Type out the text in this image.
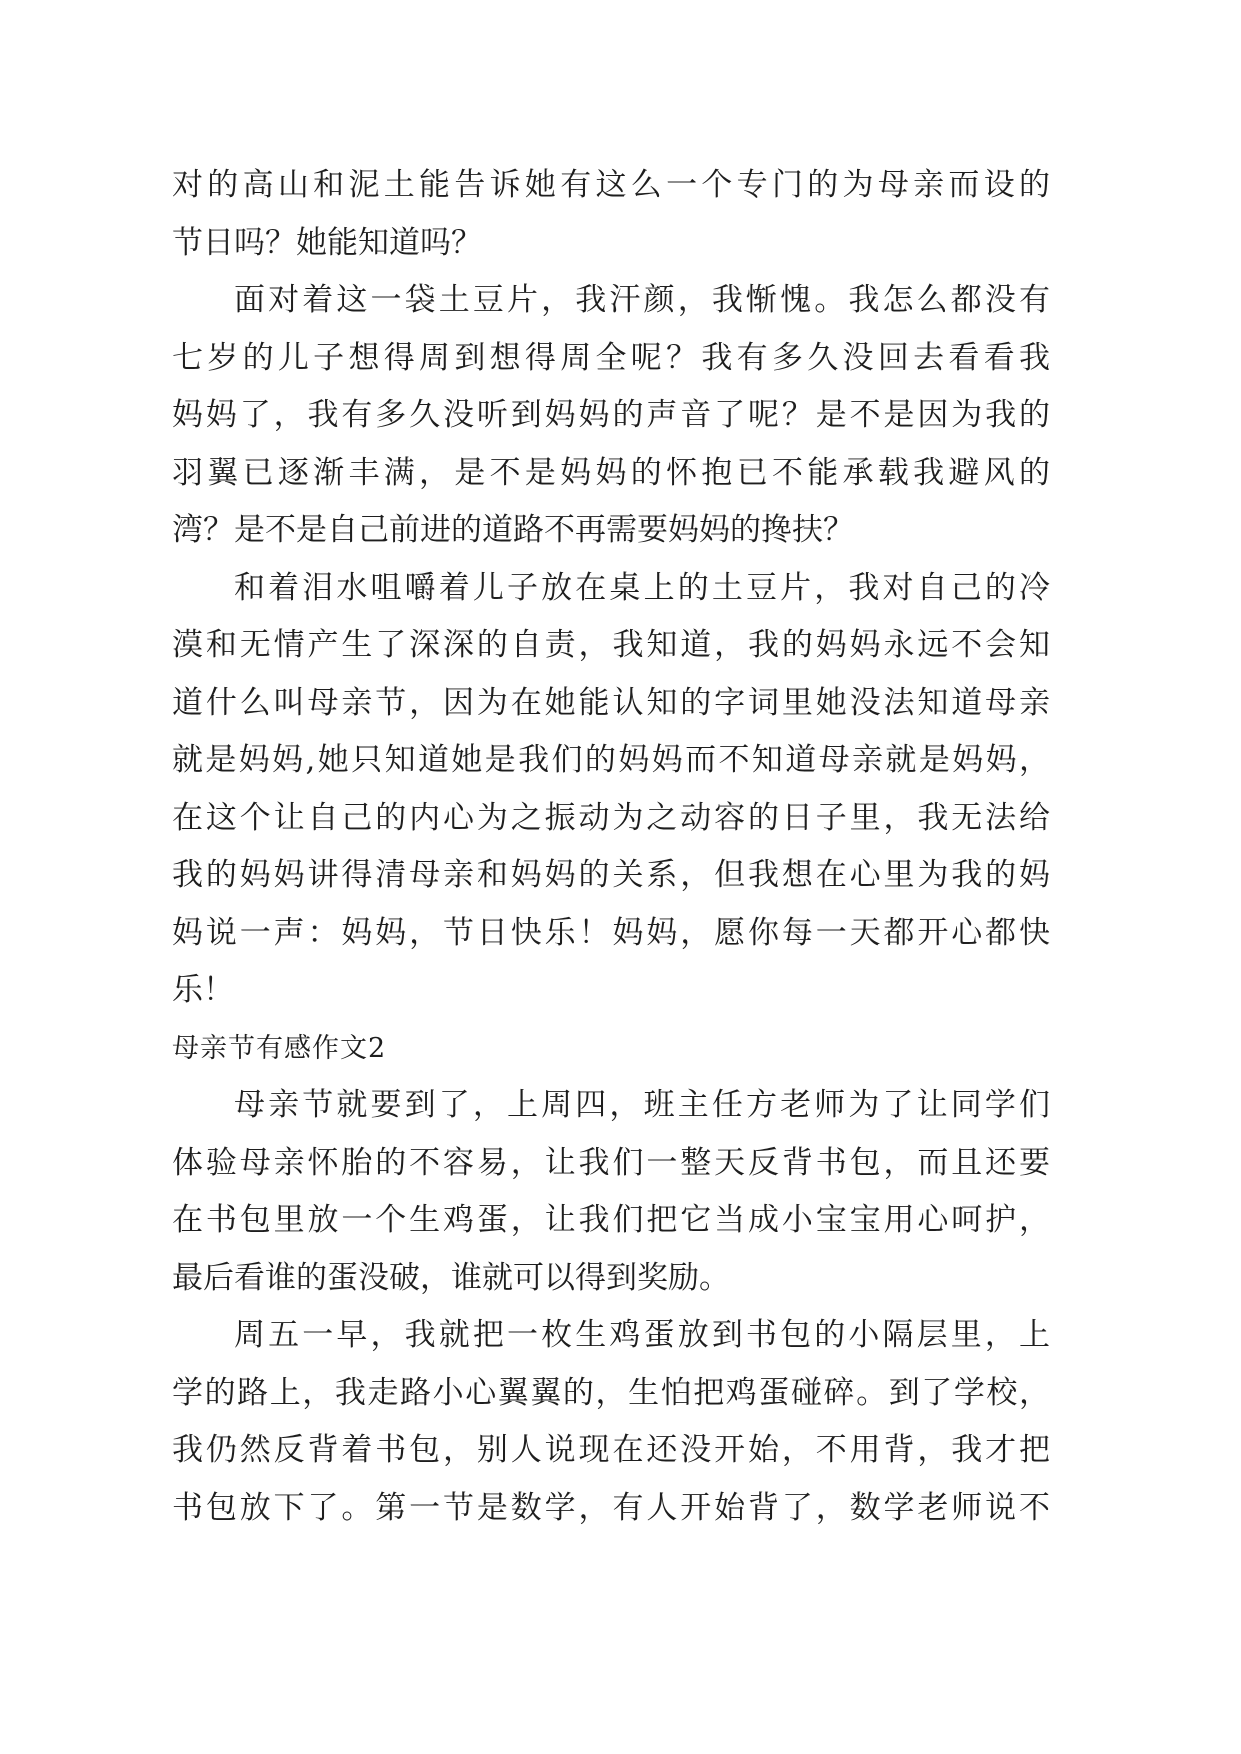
对的高山和泥土能告诉她有这么一个专门的为母亲而设的
节日吗？她能知道吗？
面对着这一袋土豆片，我汗颜，我惭愧。我怎么都没有
七岁的儿子想得周到想得周全呢？我有多久没回去看看我
妈妈了，我有多久没听到妈妈的声音了呢？是不是因为我的
羽翼已逐渐丰满，是不是妈妈的怀抱已不能承载我避风的
湾？是不是自己前进的道路不再需要妈妈的搀扶？
和着泪水咀嚼着儿子放在桌上的土豆片，我对自己的冷
漠和无情产生了深深的自责，我知道，我的妈妈永远不会知
道什么叫母亲节，因为在她能认知的字词里她没法知道母亲
就是妈妈,她只知道她是我们的妈妈而不知道母亲就是妈妈，
在这个让自己的内心为之振动为之动容的日子里，我无法给
我的妈妈讲得清母亲和妈妈的关系，但我想在心里为我的妈
妈说一声：妈妈，节日快乐！妈妈，愿你每一天都开心都快
乐！
母亲节有感作文2
母亲节就要到了，上周四，班主任方老师为了让同学们
体验母亲怀胎的不容易，让我们一整天反背书包，而且还要
在书包里放一个生鸡蛋，让我们把它当成小宝宝用心呵护，
最后看谁的蛋没破，谁就可以得到奖励。
周五一早，我就把一枚生鸡蛋放到书包的小隔层里，上
学的路上，我走路小心翼翼的，生怕把鸡蛋碰碎。到了学校，
我仍然反背着书包，别人说现在还没开始，不用背，我才把
书包放下了。第一节是数学，有人开始背了，数学老师说不
